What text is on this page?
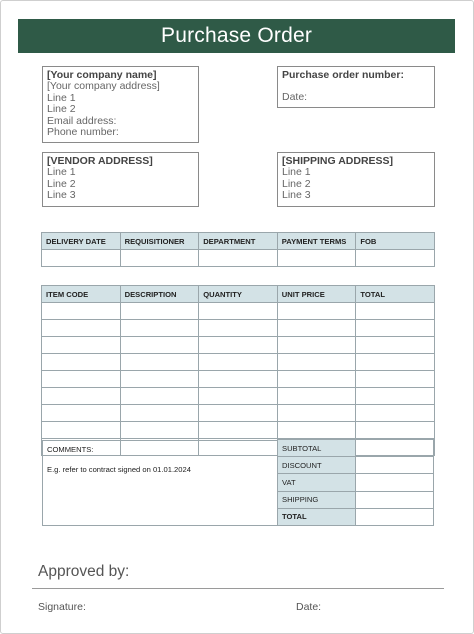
Purchase Order
[Your company name]
[Your company address]
Line 1
Line 2
Email address:
Phone number:
Purchase order number:
Date:
[VENDOR ADDRESS]
Line 1
Line 2
Line 3
[SHIPPING ADDRESS]
Line 1
Line 2
Line 3
DELIVERY DATE	REQUISITIONER	DEPARTMENT	PAYMENT TERMS	FOB

ITEM CODE	DESCRIPTION	QUANTITY	UNIT PRICE	TOTAL

COMMENTS:
E.g. refer to contract signed on 01.01.2024
SUBTOTAL	
DISCOUNT	
VAT	
SHIPPING	
TOTAL	
Approved by:
Signature:	Date:
